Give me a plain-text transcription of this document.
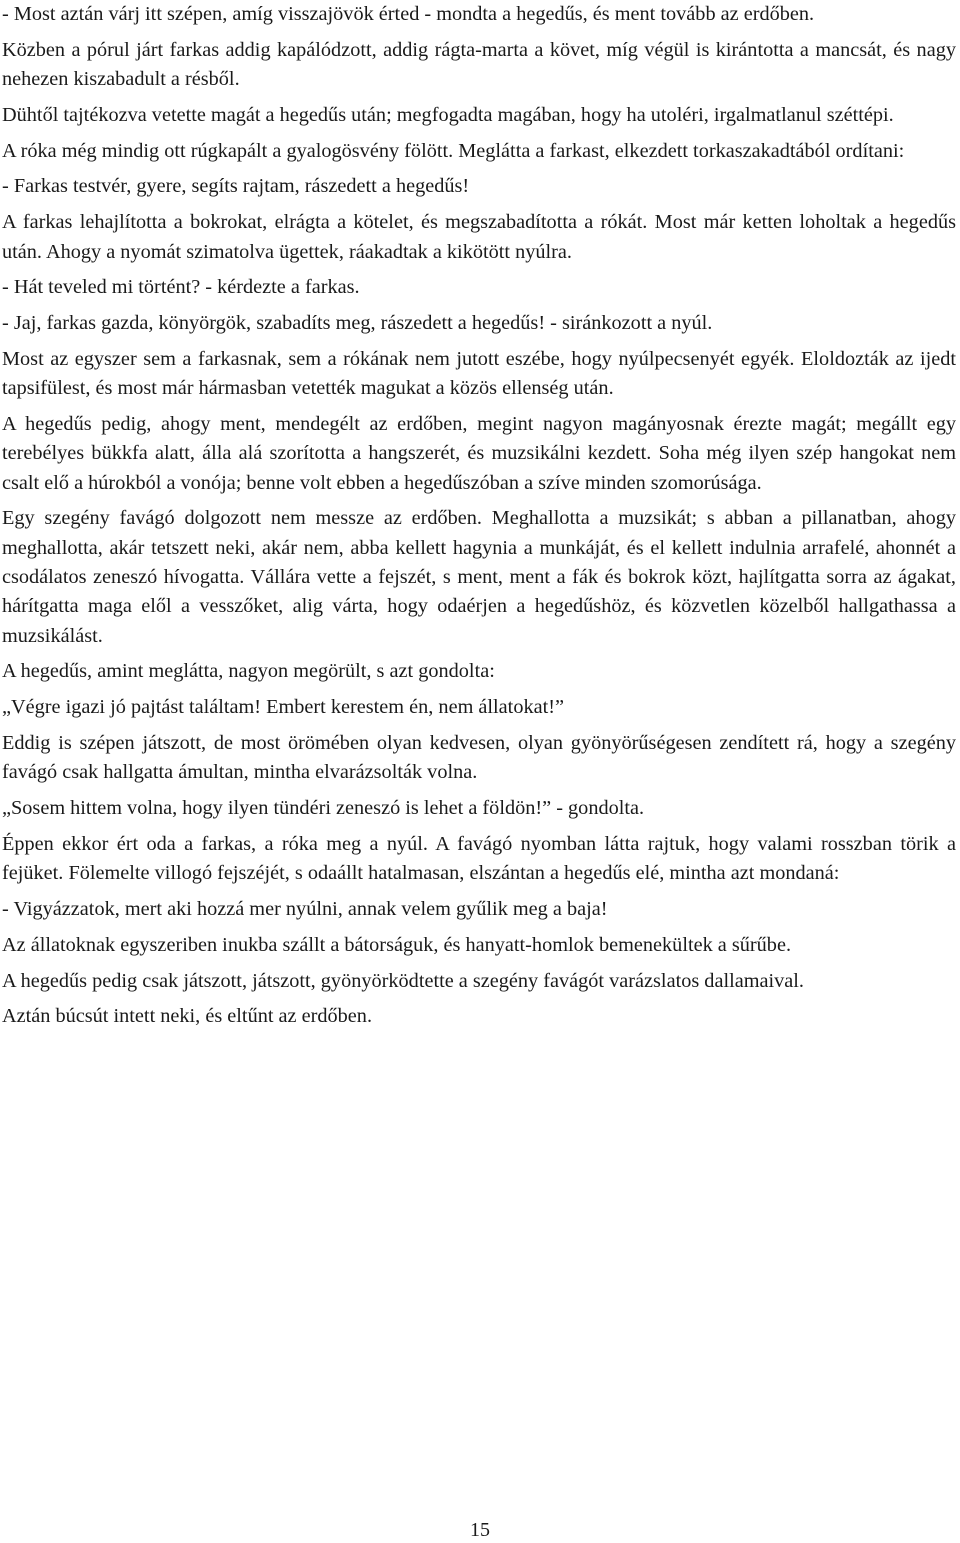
- Most aztán várj itt szépen, amíg visszajövök érted - mondta a hegedűs, és ment tovább az erdőben.

Közben a pórul járt farkas addig kapálódzott, addig rágta-marta a követ, míg végül is kirántotta a mancsát, és nagy nehezen kiszabadult a résből.

Dühtől tajtékozva vetette magát a hegedűs után; megfogadta magában, hogy ha utoléri, irgalmatlanul széttépi.

A róka még mindig ott rúgkapált a gyalogösvény fölött. Meglátta a farkast, elkezdett torkaszakadtából ordítani:

- Farkas testvér, gyere, segíts rajtam, rászedett a hegedűs!

A farkas lehajlította a bokrokat, elrágta a kötelet, és megszabadította a rókát. Most már ketten loholtak a hegedűs után. Ahogy a nyomát szimatolva ügettek, ráakadtak a kikötött nyúlra.

- Hát teveled mi történt? - kérdezte a farkas.

- Jaj, farkas gazda, könyörgök, szabadíts meg, rászedett a hegedűs! - siránkozott a nyúl.

Most az egyszer sem a farkasnak, sem a rókának nem jutott eszébe, hogy nyúlpecsenyét egyék. Eloldozták az ijedt tapsifülest, és most már hármasban vetették magukat a közös ellenség után.

A hegedűs pedig, ahogy ment, mendegélt az erdőben, megint nagyon magányosnak érezte magát; megállt egy terebélyes bükkfa alatt, álla alá szorította a hangszerét, és muzsikálni kezdett. Soha még ilyen szép hangokat nem csalt elő a húrokból a vonója; benne volt ebben a hegedűszóban a szíve minden szomorúsága.

Egy szegény favágó dolgozott nem messze az erdőben. Meghallotta a muzsikát; s abban a pillanatban, ahogy meghallotta, akár tetszett neki, akár nem, abba kellett hagynia a munkáját, és el kellett indulnia arrafelé, ahonnét a csodálatos zeneszó hívogatta. Vállára vette a fejszét, s ment, ment a fák és bokrok közt, hajlítgatta sorra az ágakat, hárítgatta maga elől a vesszőket, alig várta, hogy odaérjen a hegedűshöz, és közvetlen közelből hallgathassa a muzsikálást.

A hegedűs, amint meglátta, nagyon megörült, s azt gondolta:

„Végre igazi jó pajtást találtam! Embert kerestem én, nem állatokat!”

Eddig is szépen játszott, de most örömében olyan kedvesen, olyan gyönyörűségesen zendített rá, hogy a szegény favágó csak hallgatta ámultan, mintha elvarázsolták volna.

„Sosem hittem volna, hogy ilyen tündéri zeneszó is lehet a földön!” - gondolta.

Éppen ekkor ért oda a farkas, a róka meg a nyúl. A favágó nyomban látta rajtuk, hogy valami rosszban törik a fejüket. Fölemelte villogó fejszéjét, s odaállt hatalmasan, elszántan a hegedűs elé, mintha azt mondaná:

- Vigyázzatok, mert aki hozzá mer nyúlni, annak velem gyűlik meg a baja!

Az állatoknak egyszeriben inukba szállt a bátorságuk, és hanyatt-homlok bemenekültek a sűrűbe.

A hegedűs pedig csak játszott, játszott, gyönyörködtette a szegény favágót varázslatos dallamaival.

Aztán búcsút intett neki, és eltűnt az erdőben.

15
